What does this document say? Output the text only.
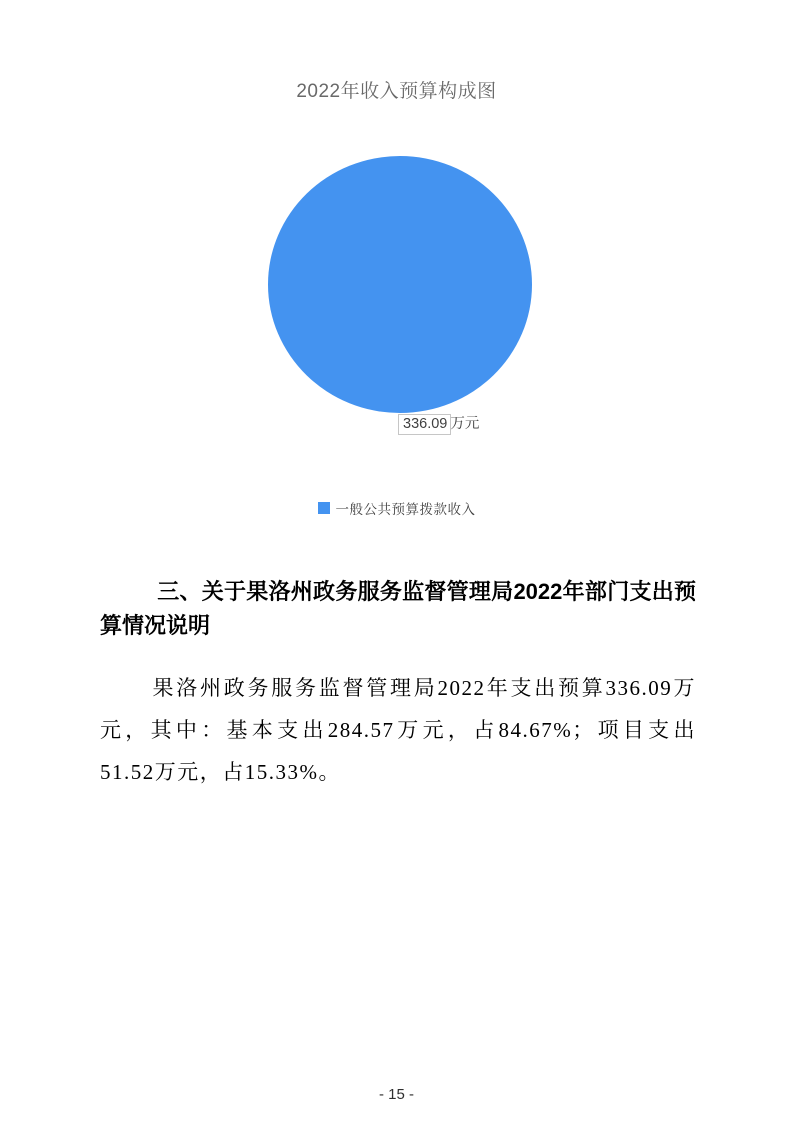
2022年收入预算构成图
336.09 万元
一般公共预算拨款收入
三、关于果洛州政务服务监督管理局2022年部门支出预算情况说明
果洛州政务服务监督管理局2022年支出预算336.09万元，其中：基本支出284.57万元，占84.67%；项目支出51.52万元，占15.33%。
- 15 -
